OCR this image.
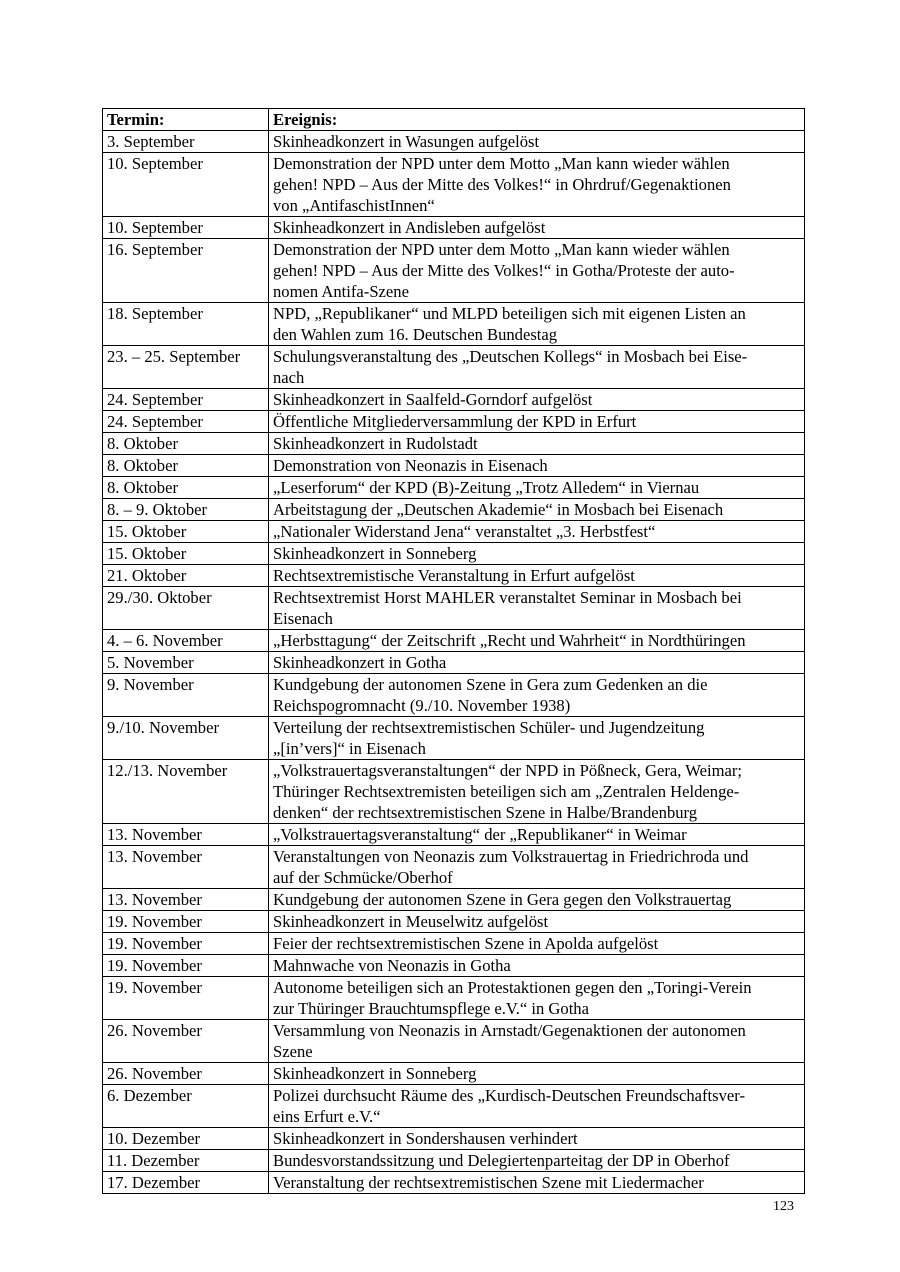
Termin:	Ereignis:
3. September	Skinheadkonzert in Wasungen aufgelöst

10. September	Demonstration der NPD unter dem Motto „Man kann wieder wählen
gehen! NPD – Aus der Mitte des Volkes!“ in Ohrdruf/Gegenaktionen
von „AntifaschistInnen“

10. September	Skinheadkonzert in Andisleben aufgelöst

16. September	Demonstration der NPD unter dem Motto „Man kann wieder wählen
gehen! NPD – Aus der Mitte des Volkes!“ in Gotha/Proteste der auto-
nomen Antifa-Szene

18. September	NPD, „Republikaner“ und MLPD beteiligen sich mit eigenen Listen an
den Wahlen zum 16. Deutschen Bundestag

23. – 25. September	Schulungsveranstaltung des „Deutschen Kollegs“ in Mosbach bei Eise-
nach

24. September	Skinheadkonzert in Saalfeld-Gorndorf aufgelöst

24. September	Öffentliche Mitgliederversammlung der KPD in Erfurt

8. Oktober	Skinheadkonzert in Rudolstadt

8. Oktober	Demonstration von Neonazis in Eisenach

8. Oktober	„Leserforum“ der KPD (B)-Zeitung „Trotz Alledem“ in Viernau

8. – 9. Oktober	Arbeitstagung der „Deutschen Akademie“ in Mosbach bei Eisenach

15. Oktober	„Nationaler Widerstand Jena“ veranstaltet „3. Herbstfest“

15. Oktober	Skinheadkonzert in Sonneberg

21. Oktober	Rechtsextremistische Veranstaltung in Erfurt aufgelöst

29./30. Oktober	Rechtsextremist Horst MAHLER veranstaltet Seminar in Mosbach bei
Eisenach

4. – 6. November	„Herbsttagung“ der Zeitschrift „Recht und Wahrheit“ in Nordthüringen

5. November	Skinheadkonzert in Gotha

9. November	Kundgebung der autonomen Szene in Gera zum Gedenken an die
Reichspogromnacht (9./10. November 1938)

9./10. November	Verteilung der rechtsextremistischen Schüler- und Jugendzeitung
„[in’vers]“ in Eisenach

12./13. November	„Volkstrauertagsveranstaltungen“ der NPD in Pößneck, Gera, Weimar;
Thüringer Rechtsextremisten beteiligen sich am „Zentralen Heldenge-
denken“ der rechtsextremistischen Szene in Halbe/Brandenburg

13. November	„Volkstrauertagsveranstaltung“ der „Republikaner“ in Weimar

13. November	Veranstaltungen von Neonazis zum Volkstrauertag in Friedrichroda und
auf der Schmücke/Oberhof

13. November	Kundgebung der autonomen Szene in Gera gegen den Volkstrauertag

19. November	Skinheadkonzert in Meuselwitz aufgelöst

19. November	Feier der rechtsextremistischen Szene in Apolda aufgelöst

19. November	Mahnwache von Neonazis in Gotha

19. November	Autonome beteiligen sich an Protestaktionen gegen den „Toringi-Verein
zur Thüringer Brauchtumspflege e.V.“ in Gotha

26. November	Versammlung von Neonazis in Arnstadt/Gegenaktionen der autonomen
Szene

26. November	Skinheadkonzert in Sonneberg

6. Dezember	Polizei durchsucht Räume des „Kurdisch-Deutschen Freundschaftsver-
eins Erfurt e.V.“

10. Dezember	Skinheadkonzert in Sondershausen verhindert

11. Dezember	Bundesvorstandssitzung und Delegiertenparteitag der DP in Oberhof

17. Dezember	Veranstaltung der rechtsextremistischen Szene mit Liedermacher
123
